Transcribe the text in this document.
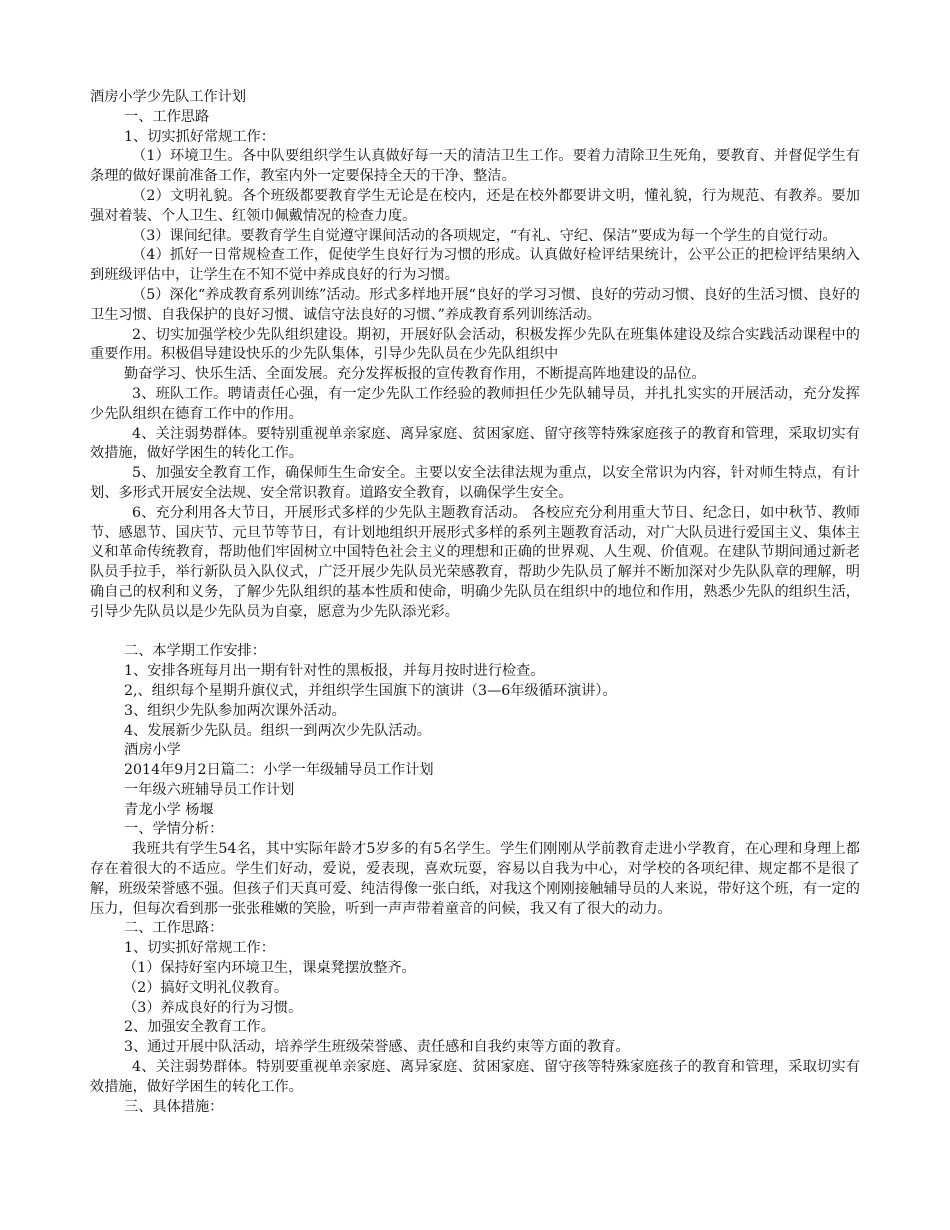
酒房小学少先队工作计划

一、工作思路

1、切实抓好常规工作：

（1）环境卫生。各中队要组织学生认真做好每一天的清洁卫生工作。要着力清除卫生死角，要教育、并督促学生有条理的做好课前准备工作，教室内外一定要保持全天的干净、整洁。

（2）文明礼貌。各个班级都要教育学生无论是在校内，还是在校外都要讲文明，懂礼貌，行为规范、有教养。要加强对着装、个人卫生、红领巾佩戴情况的检查力度。

（3）课间纪律。要教育学生自觉遵守课间活动的各项规定，“有礼、守纪、保洁”要成为每一个学生的自觉行动。

（4）抓好一日常规检查工作，促使学生良好行为习惯的形成。认真做好检评结果统计，公平公正的把检评结果纳入到班级评估中，让学生在不知不觉中养成良好的行为习惯。

（5）深化“养成教育系列训练”活动。形式多样地开展“良好的学习习惯、良好的劳动习惯、良好的生活习惯、良好的卫生习惯、自我保护的良好习惯、诚信守法良好的习惯、”养成教育系列训练活动。

2、切实加强学校少先队组织建设。期初，开展好队会活动，积极发挥少先队在班集体建设及综合实践活动课程中的重要作用。积极倡导建设快乐的少先队集体，引导少先队员在少先队组织中

勤奋学习、快乐生活、全面发展。充分发挥板报的宣传教育作用，不断提高阵地建设的品位。

3、班队工作。聘请责任心强，有一定少先队工作经验的教师担任少先队辅导员，并扎扎实实的开展活动，充分发挥少先队组织在德育工作中的作用。

4、关注弱势群体。要特别重视单亲家庭、离异家庭、贫困家庭、留守孩等特殊家庭孩子的教育和管理，采取切实有效措施，做好学困生的转化工作。

5、加强安全教育工作，确保师生生命安全。主要以安全法律法规为重点，以安全常识为内容，针对师生特点，有计划、多形式开展安全法规、安全常识教育。道路安全教育，以确保学生安全。

6、充分利用各大节日，开展形式多样的少先队主题教育活动。 各校应充分利用重大节日、纪念日，如中秋节、教师节、感恩节、国庆节、元旦节等节日，有计划地组织开展形式多样的系列主题教育活动，对广大队员进行爱国主义、集体主义和革命传统教育，帮助他们牢固树立中国特色社会主义的理想和正确的世界观、人生观、价值观。在建队节期间通过新老队员手拉手，举行新队员入队仪式，广泛开展少先队员光荣感教育，帮助少先队员了解并不断加深对少先队队章的理解，明确自己的权利和义务，了解少先队组织的基本性质和使命，明确少先队员在组织中的地位和作用，熟悉少先队的组织生活，引导少先队员以是少先队员为自豪，愿意为少先队添光彩。

二、本学期工作安排：

1、安排各班每月出一期有针对性的黑板报，并每月按时进行检查。

2,、组织每个星期升旗仪式，并组织学生国旗下的演讲（3—6年级循环演讲）。

3、组织少先队参加两次课外活动。

4、发展新少先队员。组织一到两次少先队活动。

酒房小学

2014年9月2日篇二：小学一年级辅导员工作计划

一年级六班辅导员工作计划

青龙小学 杨堰

一、学情分析：

我班共有学生54名，其中实际年龄才5岁多的有5名学生。学生们刚刚从学前教育走进小学教育，在心理和身理上都存在着很大的不适应。学生们好动，爱说，爱表现，喜欢玩耍，容易以自我为中心，对学校的各项纪律、规定都不是很了解，班级荣誉感不强。但孩子们天真可爱、纯洁得像一张白纸，对我这个刚刚接触辅导员的人来说，带好这个班，有一定的压力，但每次看到那一张张稚嫩的笑脸，听到一声声带着童音的问候，我又有了很大的动力。

二、工作思路：

1、切实抓好常规工作：

（1）保持好室内环境卫生，课桌凳摆放整齐。

（2）搞好文明礼仪教育。

（3）养成良好的行为习惯。

2、加强安全教育工作。

3、通过开展中队活动，培养学生班级荣誉感、责任感和自我约束等方面的教育。

4、关注弱势群体。特别要重视单亲家庭、离异家庭、贫困家庭、留守孩等特殊家庭孩子的教育和管理，采取切实有效措施，做好学困生的转化工作。

三、具体措施：
